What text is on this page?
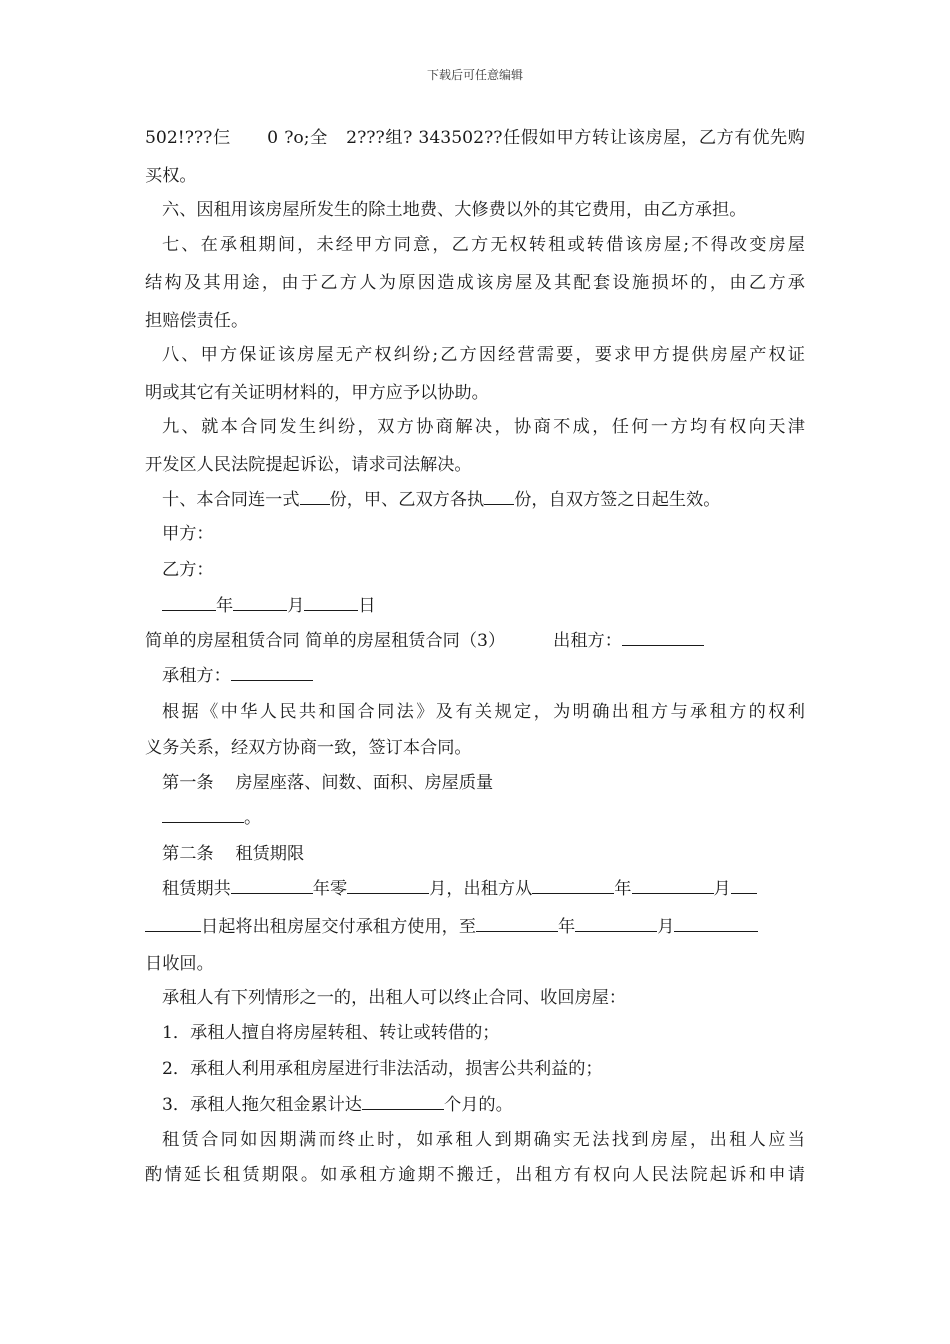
下载后可任意编辑
502!???仨      0 ?o;全   2???组? 343502??任假如甲方转让该房屋，乙方有优先购
买权。
六、因租用该房屋所发生的除土地费、大修费以外的其它费用，由乙方承担。
七、在承租期间，未经甲方同意，乙方无权转租或转借该房屋;不得改变房屋
结构及其用途，由于乙方人为原因造成该房屋及其配套设施损坏的，由乙方承
担赔偿责任。
八、甲方保证该房屋无产权纠纷;乙方因经营需要，要求甲方提供房屋产权证
明或其它有关证明材料的，甲方应予以协助。
九、就本合同发生纠纷，双方协商解决，协商不成，任何一方均有权向天津
开发区人民法院提起诉讼，请求司法解决。
十、本合同连一式 份，甲、乙双方各执 份，自双方签之日起生效。
甲方：
乙方：
年	月	日
简单的房屋租赁合同 简单的房屋租赁合同（3）	出租方：
承租方：
根据《中华人民共和国合同法》及有关规定，为明确出租方与承租方的权利
义务关系，经双方协商一致，签订本合同。
第一条    房屋座落、间数、面积、房屋质量
。
第二条    租赁期限
租赁期共	年零	月，出租方从	年	月
日起将出租房屋交付承租方使用，至	年	月
日收回。
承租人有下列情形之一的，出租人可以终止合同、收回房屋：
1．承租人擅自将房屋转租、转让或转借的；
2．承租人利用承租房屋进行非法活动，损害公共利益的；
3．承租人拖欠租金累计达	个月的。
租赁合同如因期满而终止时，如承租人到期确实无法找到房屋，出租人应当
酌情延长租赁期限。如承租方逾期不搬迁，出租方有权向人民法院起诉和申请
